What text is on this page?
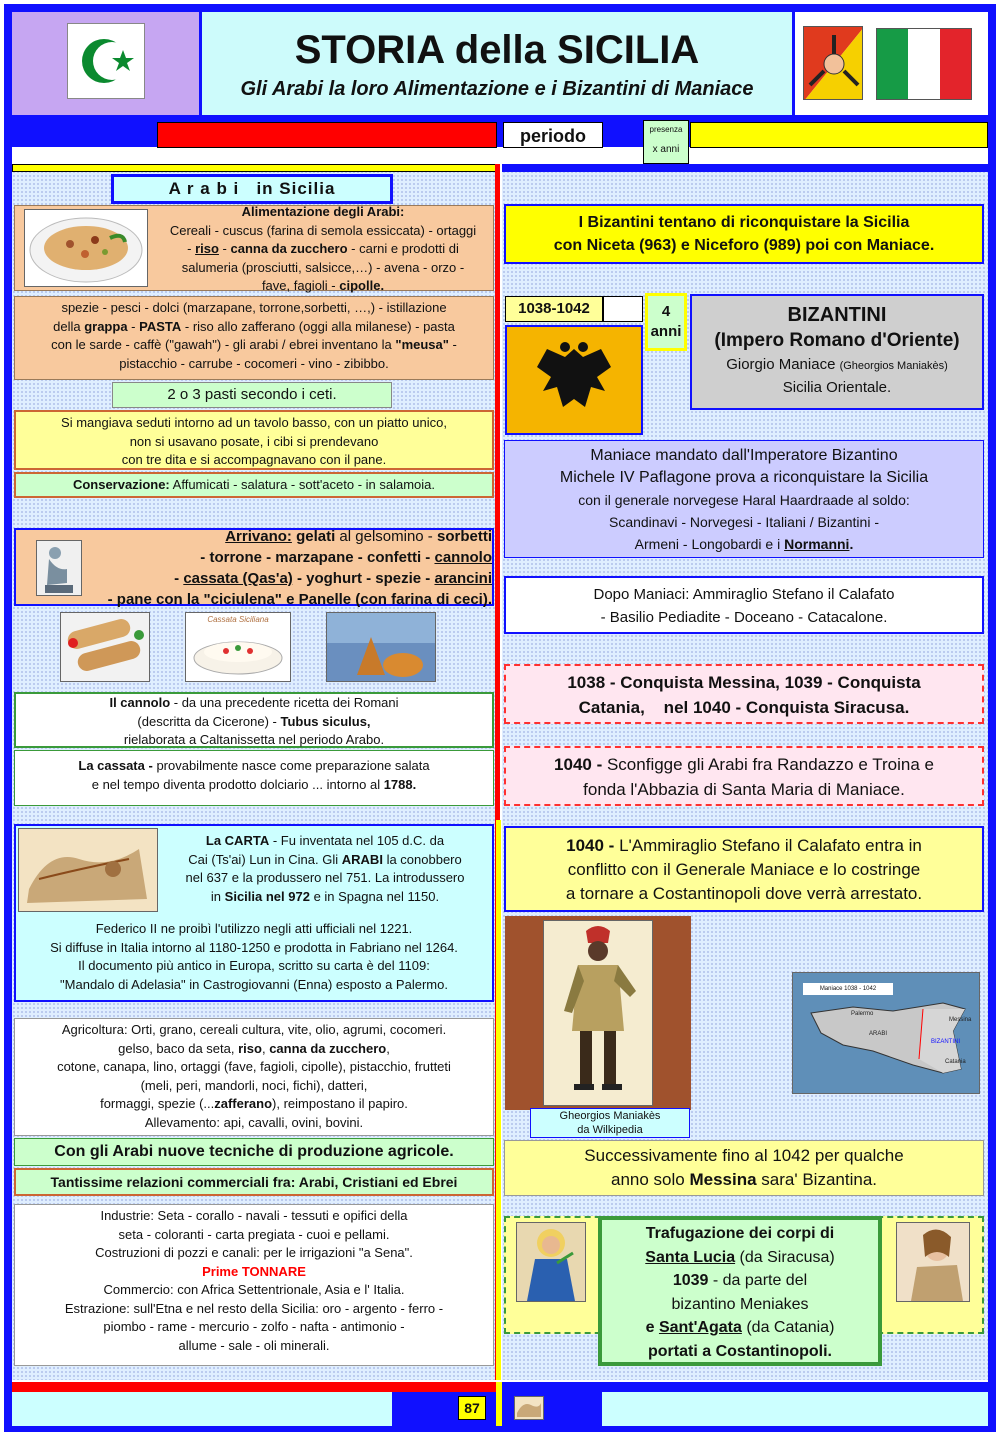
STORIA della SICILIA
Gli Arabi la loro Alimentazione e i Bizantini di Maniace
periodo	presenza
x anni
A r a b i   in Sicilia
Alimentazione degli Arabi:
Cereali - cuscus (farina di semola essiccata) - ortaggi
- riso - canna da zucchero - carni e prodotti di
salumeria (prosciutti, salsicce,…) - avena - orzo -
fave, fagioli - cipolle.
spezie - pesci - dolci (marzapane, torrone,sorbetti, …,) - istillazione
della grappa - PASTA - riso allo zafferano (oggi alla milanese) - pasta
con le sarde - caffè ("gawah") - gli arabi / ebrei inventano la "meusa" -
pistacchio - carrube - cocomeri - vino - zibibbo.
2 o 3 pasti secondo i ceti.
Si mangiava seduti intorno ad un tavolo basso, con un piatto unico,
non si usavano posate, i cibi si prendevano
con tre dita e si accompagnavano con il pane.
Conservazione: Affumicati - salatura - sott'aceto - in salamoia.
Arrivano: gelati al gelsomino - sorbetti
- torrone - marzapane - confetti - cannolo
- cassata (Qas'a) - yoghurt - spezie - arancini
- pane con la "ciciulena" e Panelle (con farina di ceci).
Cassata Siciliana
Il cannolo - da una precedente ricetta dei Romani
(descritta da Cicerone) - Tubus siculus,
rielaborata a Caltanissetta nel periodo Arabo.
La cassata - provabilmente nasce come preparazione salata
e nel tempo diventa prodotto dolciario ... intorno al 1788.
La CARTA - Fu inventata nel 105 d.C. da
Cai (Ts'ai) Lun in Cina. Gli ARABI la conobbero
nel 637 e la produssero nel 751. La introdussero
in Sicilia nel 972 e in Spagna nel 1150.
Federico II ne proibì l'utilizzo negli atti ufficiali nel 1221.
Si diffuse in Italia intorno al 1180-1250 e prodotta in Fabriano nel 1264.
Il documento più antico in Europa, scritto su carta è del 1109:
"Mandalo di Adelasia" in Castrogiovanni (Enna) esposto a Palermo.
Agricoltura: Orti, grano, cereali cultura, vite, olio, agrumi, cocomeri.
gelso, baco da seta, riso, canna da zucchero,
cotone, canapa, lino, ortaggi (fave, fagioli, cipolle), pistacchio, frutteti
(meli, peri, mandorli, noci, fichi), datteri,
formaggi, spezie (...zafferano), reimpostano il papiro.
Allevamento: api, cavalli, ovini, bovini.
Con gli Arabi nuove tecniche di produzione agricole.
Tantissime relazioni commerciali fra: Arabi, Cristiani ed Ebrei
Industrie: Seta - corallo - navali - tessuti e opifici della
seta - coloranti - carta pregiata - cuoi e pellami.
Costruzioni di pozzi e canali: per le irrigazioni "a Sena".
Prime TONNARE
Commercio: con Africa Settentrionale, Asia e l' Italia.
Estrazione: sull'Etna e nel resto della Sicilia: oro - argento - ferro -
piombo - rame - mercurio - zolfo - nafta - antimonio -
allume - sale - oli minerali.
I Bizantini tentano di riconquistare la Sicilia
con Niceta (963) e Niceforo (989) poi con Maniace.
1038-1042	4
anni
BIZANTINI
(Impero Romano d'Oriente)
Giorgio Maniace (Gheorgios Maniakès)
Sicilia Orientale.
Maniace mandato dall'Imperatore Bizantino
Michele IV Paflagone prova a riconquistare la Sicilia
con il generale norvegese Haral Haardraade al soldo:
Scandinavi - Norvegesi - Italiani / Bizantini -
Armeni - Longobardi e i Normanni.
Dopo Maniaci: Ammiraglio Stefano il Calafato
- Basilio Pediadite - Doceano - Catacalone.
1038 - Conquista Messina, 1039 - Conquista
Catania,    nel 1040 - Conquista Siracusa.
1040 - Sconfigge gli Arabi fra Randazzo e Troina e
fonda l'Abbazia di Santa Maria di Maniace.
1040 - L'Ammiraglio Stefano il Calafato entra in
conflitto con il Generale Maniace e lo costringe
a tornare a Costantinopoli dove verrà arrestato.
Gheorgios Maniakès
da Wilkipedia
Maniace 1038 - 1042
Palermo
Messina
BIZANTINI
Catania
ARABI
Successivamente fino al 1042 per qualche
anno solo Messina sara' Bizantina.
Trafugazione dei corpi di
Santa Lucia (da Siracusa)
1039 - da parte del
bizantino Meniakes
e Sant'Agata (da Catania)
portati a Costantinopoli.
87
